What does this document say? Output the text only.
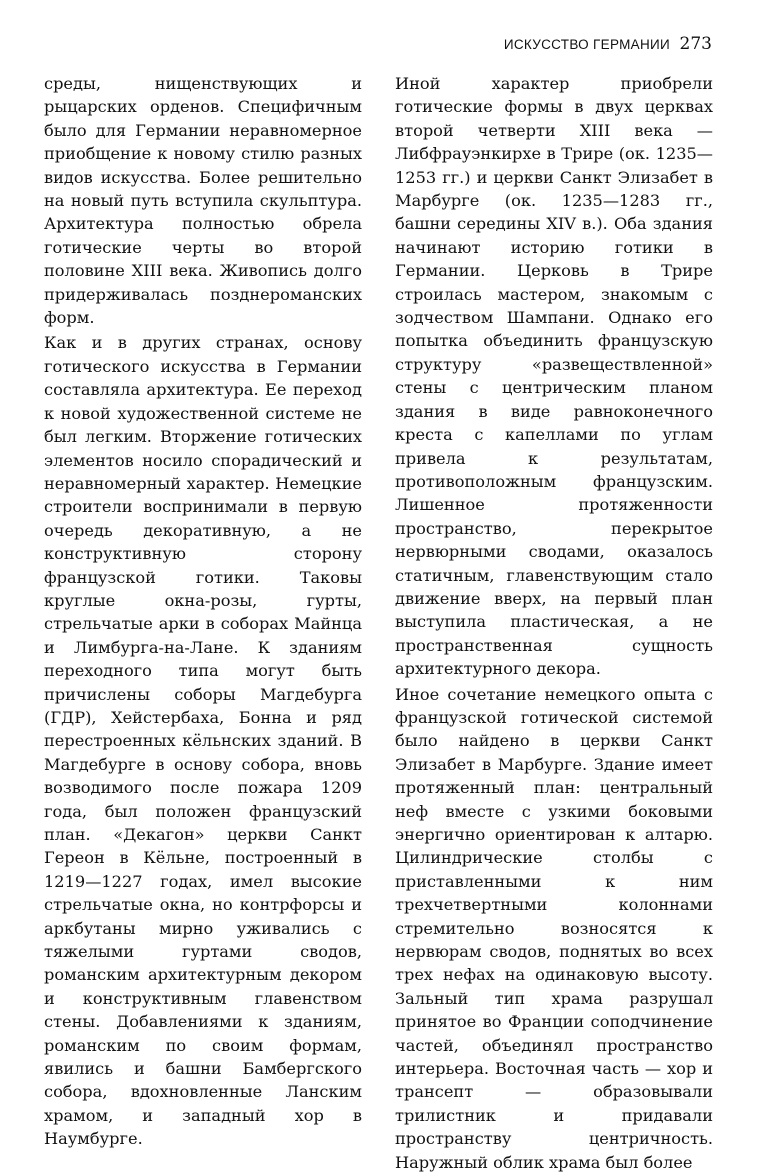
ИСКУССТВО ГЕРМАНИИ 273

среды, нищенствующих и рыцарских орденов. Специфичным было для Германии неравномерное приобщение к новому стилю разных видов искусства. Более решительно на новый путь вступила скульптура. Архитектура полностью обрела готические черты во второй половине XIII века. Живопись долго придерживалась позднероманских форм.

Как и в других странах, основу готического искусства в Германии составляла архитектура. Ее переход к новой художественной системе не был легким. Вторжение готических элементов носило спорадический и неравномерный характер. Немецкие строители воспринимали в первую очередь декоративную, а не конструктивную сторону французской готики. Таковы круглые окна-розы, гурты, стрельчатые арки в соборах Майнца и Лимбурга-на-Лане. К зданиям переходного типа могут быть причислены соборы Магдебурга (ГДР), Хейстербаха, Бонна и ряд перестроенных кёльнских зданий. В Магдебурге в основу собора, вновь возводимого после пожара 1209 года, был положен французский план. «Декагон» церкви Санкт Гереон в Кёльне, построенный в 1219—1227 годах, имел высокие стрельчатые окна, но контрфорсы и аркбутаны мирно уживались с тяжелыми гуртами сводов, романским архитектурным декором и конструктивным главенством стены. Добавлениями к зданиям, романским по своим формам, явились и башни Бамбергского собора, вдохновленные Ланским храмом, и западный хор в Наумбурге.

Иной характер приобрели готические формы в двух церквах второй четверти XIII века — Либфрауэнкирхе в Трире (ок. 1235—1253 гг.) и церкви Санкт Элизабет в Марбурге (ок. 1235—1283 гг., башни середины XIV в.). Оба здания начинают историю готики в Германии. Церковь в Трире строилась мастером, знакомым с зодчеством Шампани. Однако его попытка объединить французскую структуру «развеществленной» стены с центрическим планом здания в виде равноконечного креста с капеллами по углам привела к результатам, противоположным французским. Лишенное протяженности пространство, перекрытое нервюрными сводами, оказалось статичным, главенствующим стало движение вверх, на первый план выступила пластическая, а не пространственная сущность архитектурного декора.

Иное сочетание немецкого опыта с французской готической системой было найдено в церкви Санкт Элизабет в Марбурге. Здание имеет протяженный план: центральный неф вместе с узкими боковыми энергично ориентирован к алтарю. Цилиндрические столбы с приставленными к ним трехчетвертными колоннами стремительно возносятся к нервюрам сводов, поднятых во всех трех нефах на одинаковую высоту. Зальный тип храма разрушал принятое во Франции соподчинение частей, объединял пространство интерьера. Восточная часть — хор и трансепт — образовывали трилистник и придавали пространству центричность. Наружный облик храма был более
